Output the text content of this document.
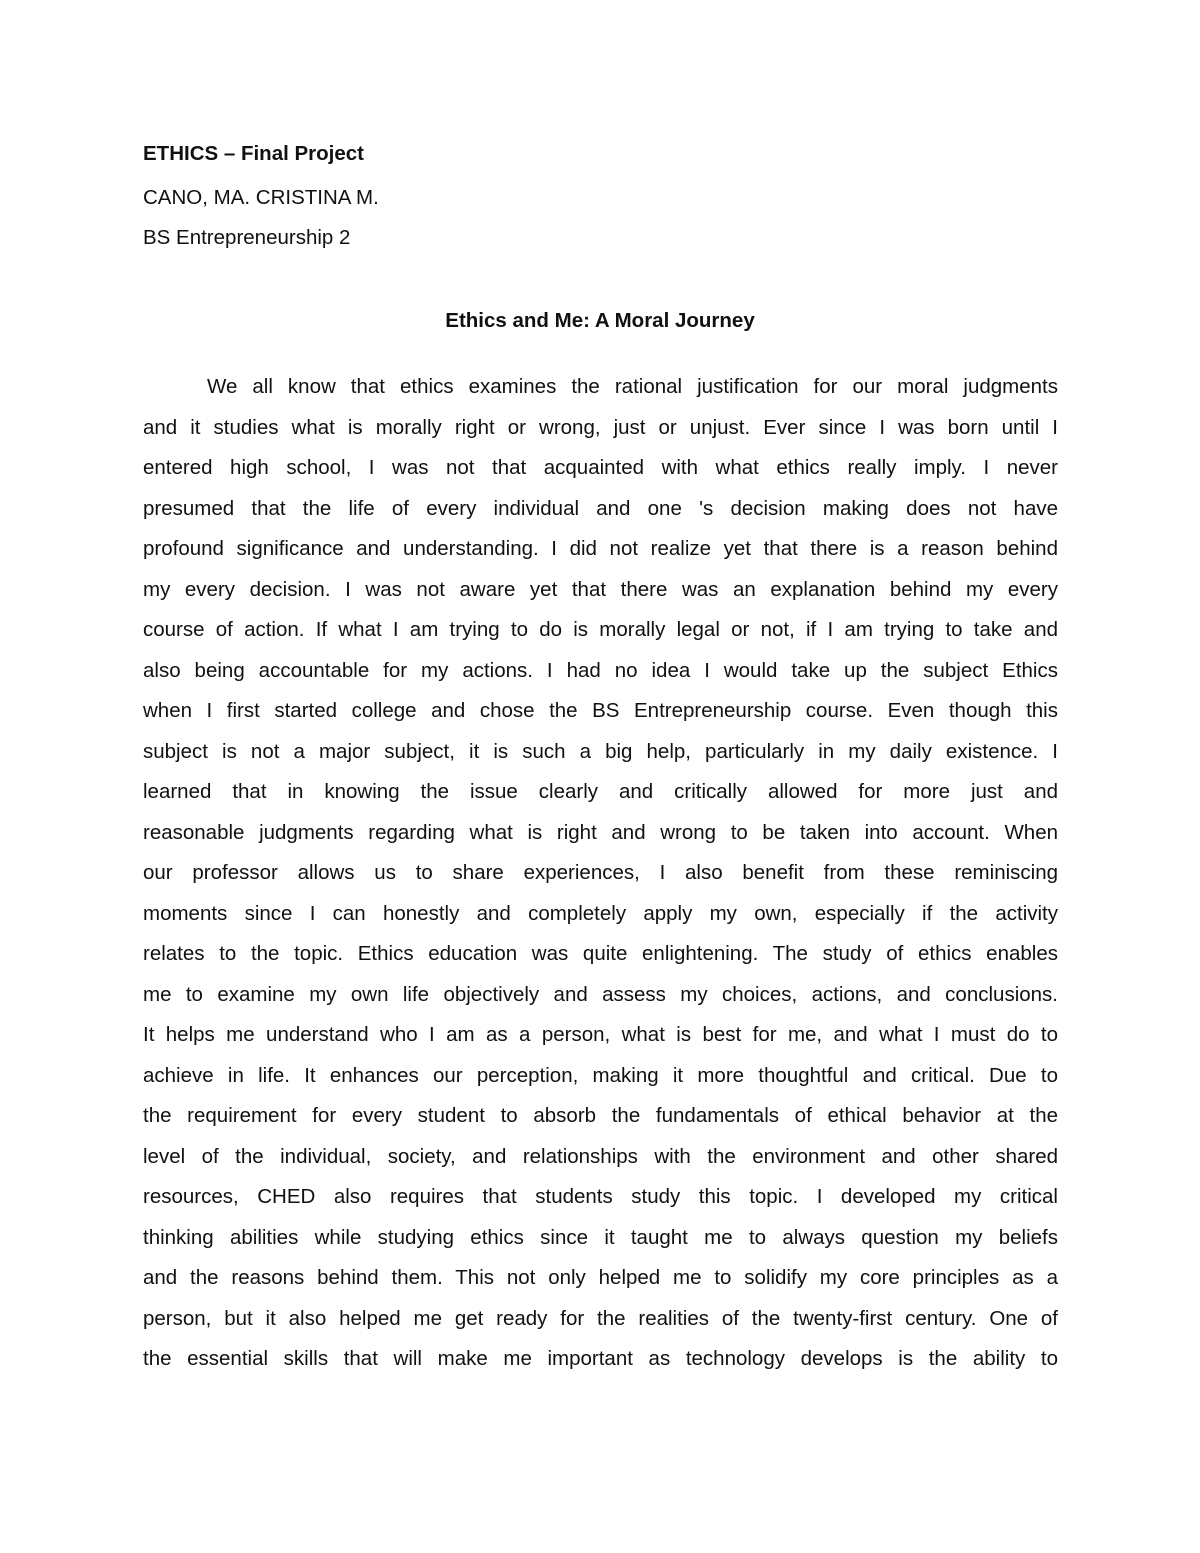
ETHICS – Final Project
CANO, MA. CRISTINA M.
BS Entrepreneurship 2
Ethics and Me: A Moral Journey
We all know that ethics examines the rational justification for our moral judgments
and it studies what is morally right or wrong, just or unjust. Ever since I was born until I
entered high school, I was not that acquainted with what ethics really imply. I never
presumed that the life of every individual and one 's decision making does not have
profound significance and understanding. I did not realize yet that there is a reason behind
my every decision. I was not aware yet that there was an explanation behind my every
course of action. If what I am trying to do is morally legal or not, if I am trying to take and
also being accountable for my actions. I had no idea I would take up the subject Ethics
when I first started college and chose the BS Entrepreneurship course. Even though this
subject is not a major subject, it is such a big help, particularly in my daily existence. I
learned that in knowing the issue clearly and critically allowed for more just and
reasonable judgments regarding what is right and wrong to be taken into account. When
our professor allows us to share experiences, I also benefit from these reminiscing
moments since I can honestly and completely apply my own, especially if the activity
relates to the topic. Ethics education was quite enlightening. The study of ethics enables
me to examine my own life objectively and assess my choices, actions, and conclusions.
It helps me understand who I am as a person, what is best for me, and what I must do to
achieve in life. It enhances our perception, making it more thoughtful and critical. Due to
the requirement for every student to absorb the fundamentals of ethical behavior at the
level of the individual, society, and relationships with the environment and other shared
resources, CHED also requires that students study this topic. I developed my critical
thinking abilities while studying ethics since it taught me to always question my beliefs
and the reasons behind them. This not only helped me to solidify my core principles as a
person, but it also helped me get ready for the realities of the twenty-first century. One of
the essential skills that will make me important as technology develops is the ability to
